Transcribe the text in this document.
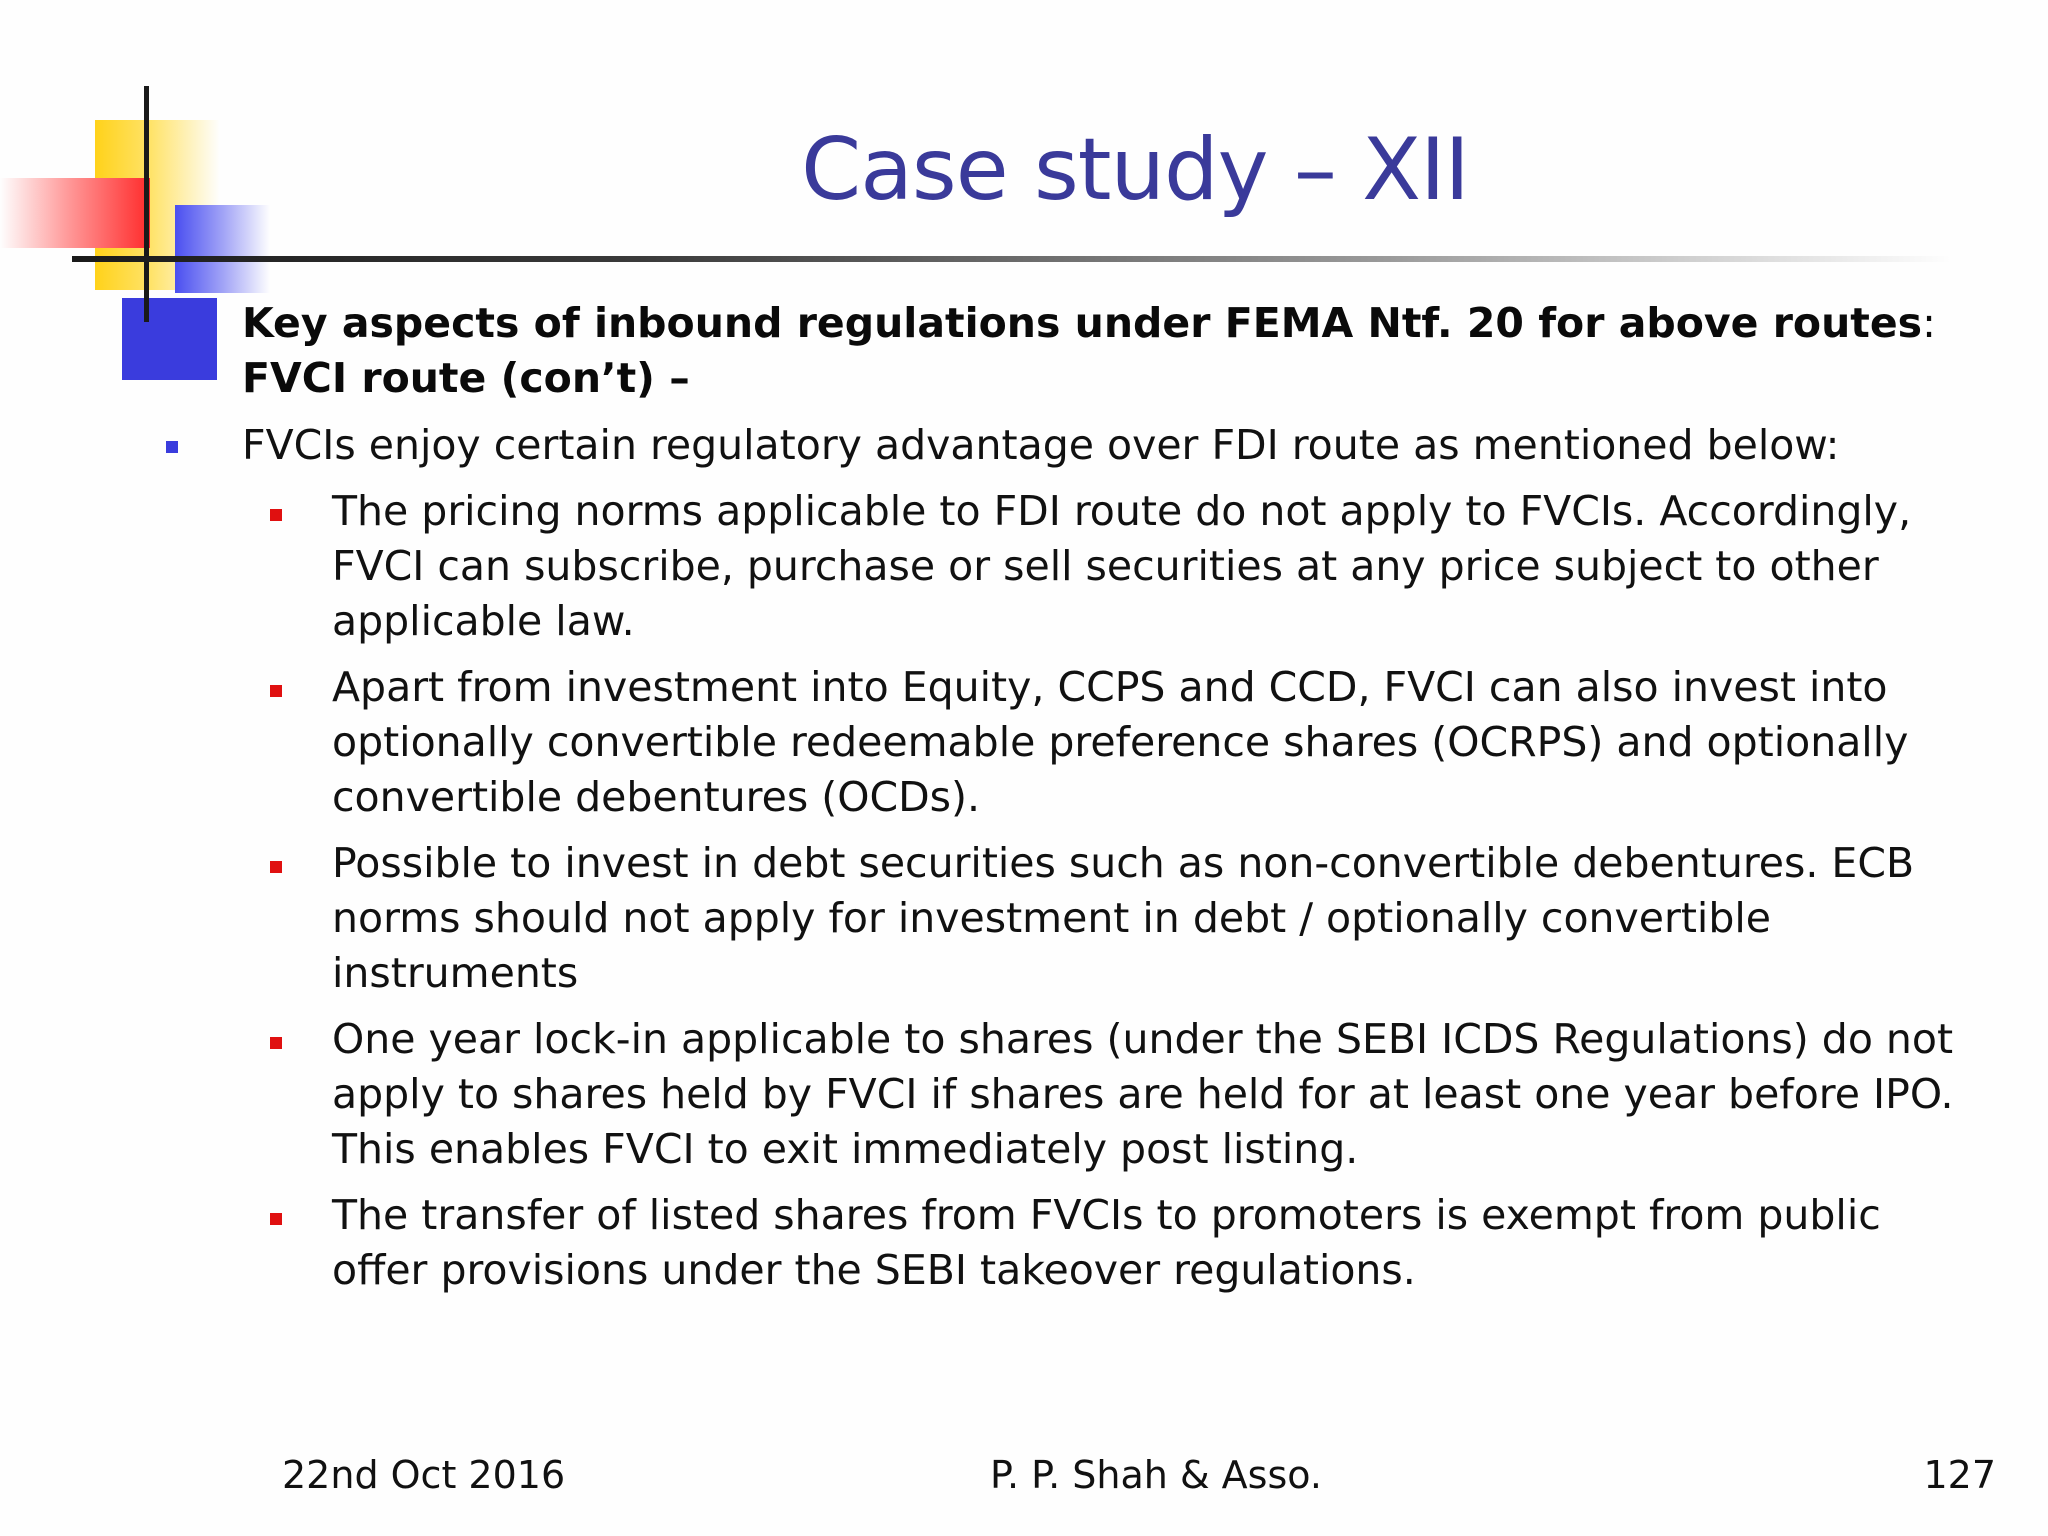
Case study – XII
Key aspects of inbound regulations under FEMA Ntf. 20 for above routes:
FVCI route (con’t) –
FVCIs enjoy certain regulatory advantage over FDI route as mentioned below:
The pricing norms applicable to FDI route do not apply to FVCIs. Accordingly, FVCI can subscribe, purchase or sell securities at any price subject to other applicable law.
Apart from investment into Equity, CCPS and CCD, FVCI can also invest into optionally convertible redeemable preference shares (OCRPS) and optionally convertible debentures (OCDs).
Possible to invest in debt securities such as non-convertible debentures. ECB norms should not apply for investment in debt / optionally convertible instruments
One year lock-in applicable to shares (under the SEBI ICDS Regulations) do not apply to shares held by FVCI if shares are held for at least one year before IPO. This enables FVCI to exit immediately post listing.
The transfer of listed shares from FVCIs to promoters is exempt from public offer provisions under the SEBI takeover regulations.
22nd Oct 2016	P. P. Shah & Asso.	127
